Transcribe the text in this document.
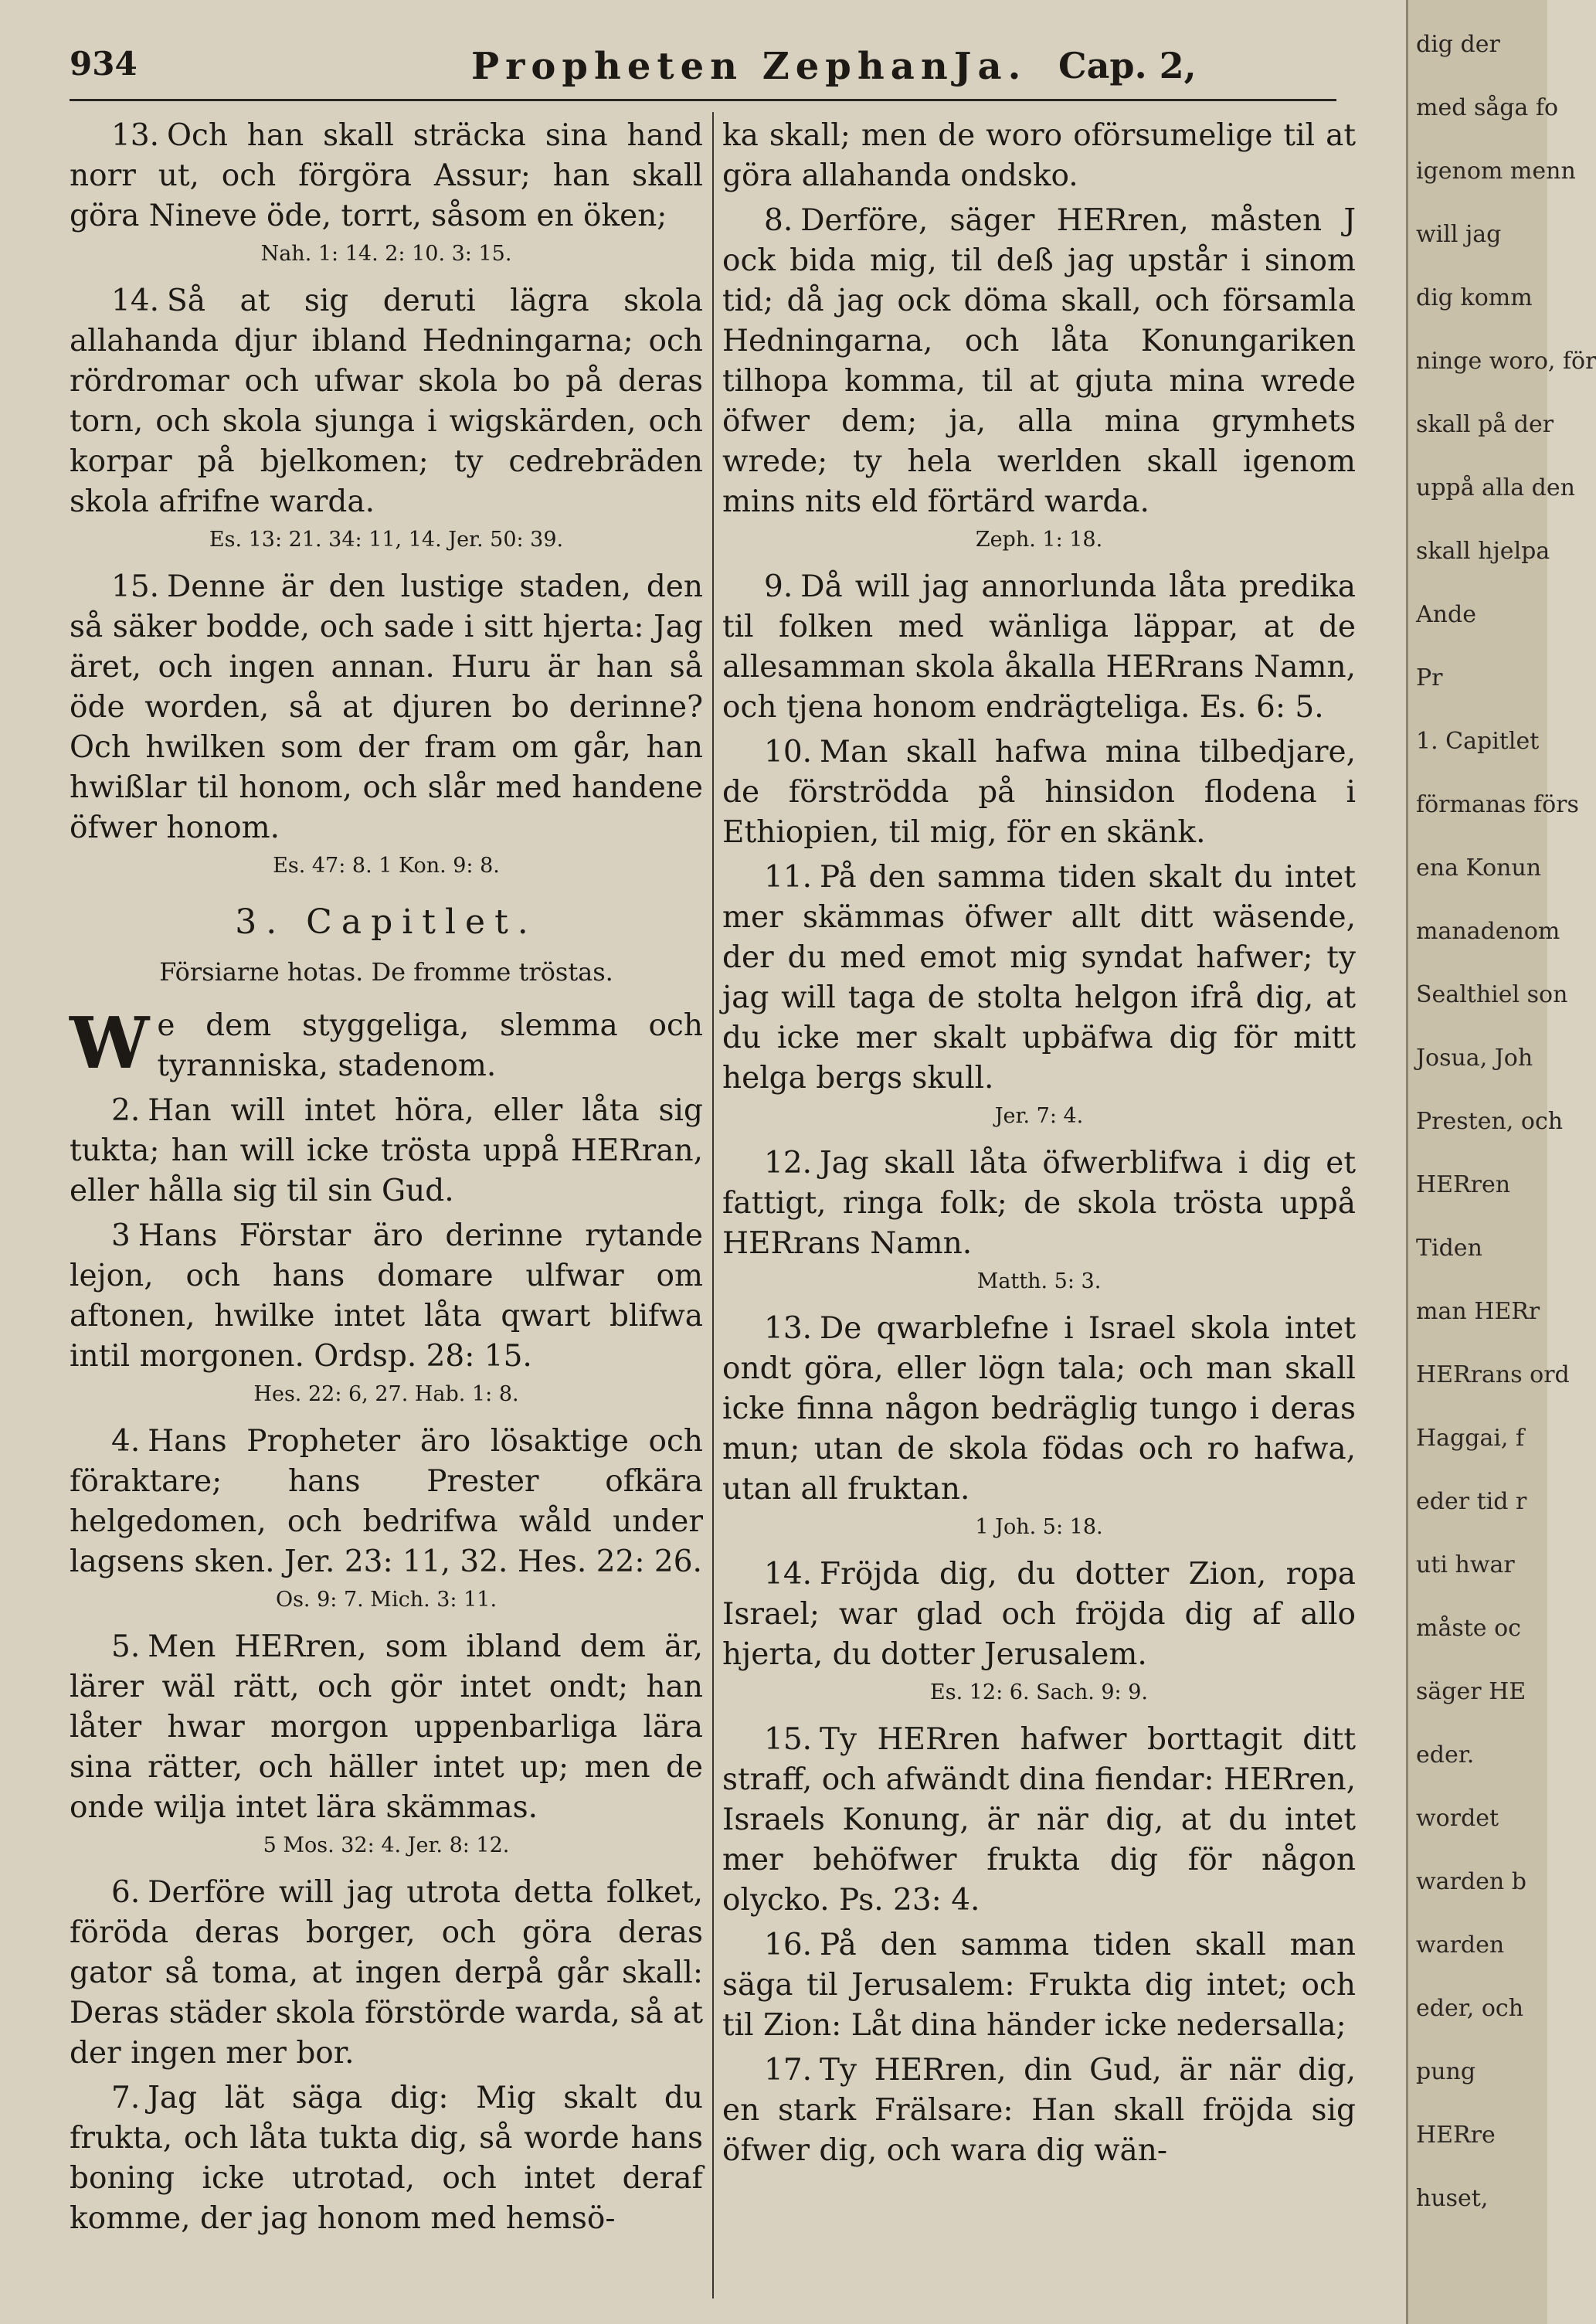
934	Propheten ZephanJa. Cap. 2,

13. Och han skall sträcka sina hand norr ut, och förgöra Assur; han skall göra Nineve öde, torrt, såsom en öken;

Nah. 1: 14. 2: 10. 3: 15.

14. Så at sig deruti lägra skola allahanda djur ibland Hedningarna; och rördromar och ufwar skola bo på deras torn, och skola sjunga i wigskärden, och korpar på bjelkomen; ty cedrebräden skola afrifne warda.

Es. 13: 21. 34: 11, 14. Jer. 50: 39.

15. Denne är den lustige staden, den så säker bodde, och sade i sitt hjerta: Jag äret, och ingen annan. Huru är han så öde worden, så at djuren bo derinne? Och hwilken som der fram om går, han hwißlar til honom, och slår med handene öfwer honom.

Es. 47: 8. 1 Kon. 9: 8.
3. Capitlet.
Försiarne hotas. De fromme tröstas.

W e dem styggeliga, slemma och tyranniska, stadenom.

2. Han will intet höra, eller låta sig tukta; han will icke trösta uppå HERran, eller hålla sig til sin Gud.

3 Hans Förstar äro derinne rytande lejon, och hans domare ulfwar om aftonen, hwilke intet låta qwart blifwa intil morgonen. Ordsp. 28: 15.

Hes. 22: 6, 27. Hab. 1: 8.

4. Hans Propheter äro lösaktige och föraktare; hans Prester ofkära helgedomen, och bedrifwa wåld under lagsens sken. Jer. 23: 11, 32. Hes. 22: 26.

Os. 9: 7. Mich. 3: 11.

5. Men HERren, som ibland dem är, lärer wäl rätt, och gör intet ondt; han låter hwar morgon uppenbarliga lära sina rätter, och häller intet up; men de onde wilja intet lära skämmas.

5 Mos. 32: 4. Jer. 8: 12.

6. Derföre will jag utrota detta folket, föröda deras borger, och göra deras gator så toma, at ingen derpå går skall: Deras städer skola förstörde warda, så at der ingen mer bor.

7. Jag lät säga dig: Mig skalt du frukta, och låta tukta dig, så worde hans boning icke utrotad, och intet deraf komme, der jag honom med hemsö-

ka skall; men de woro oförsumelige til at göra allahanda ondsko.

8. Derföre, säger HERren, måsten J ock bida mig, til deß jag upstår i sinom tid; då jag ock döma skall, och församla Hedningarna, och låta Konungariken tilhopa komma, til at gjuta mina wrede öfwer dem; ja, alla mina grymhets wrede; ty hela werlden skall igenom mins nits eld förtärd warda.

Zeph. 1: 18.

9. Då will jag annorlunda låta predika til folken med wänliga läppar, at de allesamman skola åkalla HERrans Namn, och tjena honom endrägteliga. Es. 6: 5.

10. Man skall hafwa mina tilbedjare, de förströdda på hinsidon flodena i Ethiopien, til mig, för en skänk.

11. På den samma tiden skalt du intet mer skämmas öfwer allt ditt wäsende, der du med emot mig syndat hafwer; ty jag will taga de stolta helgon ifrå dig, at du icke mer skalt upbäfwa dig för mitt helga bergs skull.

Jer. 7: 4.

12. Jag skall låta öfwerblifwa i dig et fattigt, ringa folk; de skola trösta uppå HERrans Namn.

Matth. 5: 3.

13. De qwarblefne i Israel skola intet ondt göra, eller lögn tala; och man skall icke finna någon bedräglig tungo i deras mun; utan de skola födas och ro hafwa, utan all fruktan.

1 Joh. 5: 18.

14. Fröjda dig, du dotter Zion, ropa Israel; war glad och fröjda dig af allo hjerta, du dotter Jerusalem.

Es. 12: 6. Sach. 9: 9.

15. Ty HERren hafwer borttagit ditt straff, och afwändt dina fiendar: HERren, Israels Konung, är när dig, at du intet mer behöfwer frukta dig för någon olycko. Ps. 23: 4.

16. På den samma tiden skall man säga til Jerusalem: Frukta dig intet; och til Zion: Låt dina händer icke nedersalla;

17. Ty HERren, din Gud, är när dig, en stark Frälsare: Han skall fröjda sig öfwer dig, och wara dig wän-

dig der
med såga fo
igenom menn
will jag
dig komm
ninge woro, för
skall på der
uppå alla den
skall hjelpa
Ande
Pr
1. Capitlet
förmanas förs
ena Konun
manadenom
Sealthiel son
Josua, Joh
Presten, och
HERren
Tiden
man HERr
HERrans ord
Haggai, f
eder tid r
uti hwar
måste oc
säger HE
eder.
wordet
warden b
warden
eder, och
pung
HERre
huset,
